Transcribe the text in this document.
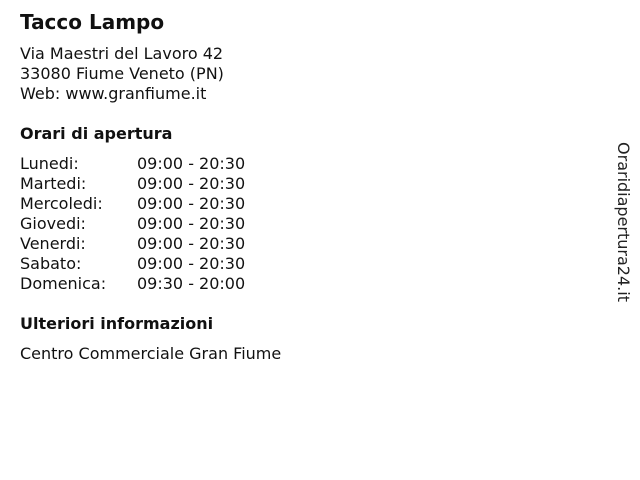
Tacco Lampo
Via Maestri del Lavoro 42
33080 Fiume Veneto (PN)
Web: www.granfiume.it
Orari di apertura
Lunedi:	09:00 - 20:30
Martedi:	09:00 - 20:30
Mercoledi: 09:00 - 20:30
Giovedi:	09:00 - 20:30
Venerdi:	09:00 - 20:30
Sabato:	09:00 - 20:30
Domenica: 09:30 - 20:00
Ulteriori informazioni
Centro Commerciale Gran Fiume
Oraridiapertura24.it
